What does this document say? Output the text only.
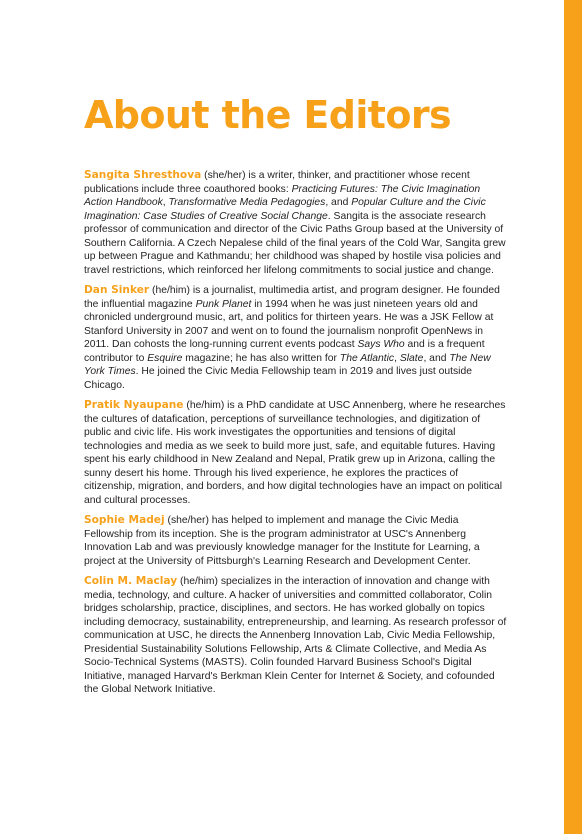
About the Editors

Sangita Shresthova (she/her) is a writer, thinker, and practitioner whose recent publications include three coauthored books: Practicing Futures: The Civic Imagination Action Handbook, Transformative Media Pedagogies, and Popular Culture and the Civic Imagination: Case Studies of Creative Social Change. Sangita is the associate research professor of communication and director of the Civic Paths Group based at the University of Southern California. A Czech Nepalese child of the final years of the Cold War, Sangita grew up between Prague and Kathmandu; her childhood was shaped by hostile visa policies and travel restrictions, which reinforced her lifelong commitments to social justice and change.

Dan Sinker (he/him) is a journalist, multimedia artist, and program designer. He founded the influential magazine Punk Planet in 1994 when he was just nineteen years old and chronicled underground music, art, and politics for thirteen years. He was a JSK Fellow at Stanford University in 2007 and went on to found the journalism nonprofit OpenNews in 2011. Dan cohosts the long-running current events podcast Says Who and is a frequent contributor to Esquire magazine; he has also written for The Atlantic, Slate, and The New York Times. He joined the Civic Media Fellowship team in 2019 and lives just outside Chicago.

Pratik Nyaupane (he/him) is a PhD candidate at USC Annenberg, where he researches the cultures of datafication, perceptions of surveillance technologies, and digitization of public and civic life. His work investigates the opportunities and tensions of digital technologies and media as we seek to build more just, safe, and equitable futures. Having spent his early childhood in New Zealand and Nepal, Pratik grew up in Arizona, calling the sunny desert his home. Through his lived experience, he explores the practices of citizenship, migration, and borders, and how digital technologies have an impact on political and cultural processes.

Sophie Madej (she/her) has helped to implement and manage the Civic Media Fellowship from its inception. She is the program administrator at USC's Annenberg Innovation Lab and was previously knowledge manager for the Institute for Learning, a project at the University of Pittsburgh's Learning Research and Development Center.

Colin M. Maclay (he/him) specializes in the interaction of innovation and change with media, technology, and culture. A hacker of universities and committed collaborator, Colin bridges scholarship, practice, disciplines, and sectors. He has worked globally on topics including democracy, sustainability, entrepreneurship, and learning. As research professor of communication at USC, he directs the Annenberg Innovation Lab, Civic Media Fellowship, Presidential Sustainability Solutions Fellowship, Arts & Climate Collective, and Media As Socio-Technical Systems (MASTS). Colin founded Harvard Business School's Digital Initiative, managed Harvard's Berkman Klein Center for Internet & Society, and cofounded the Global Network Initiative.
